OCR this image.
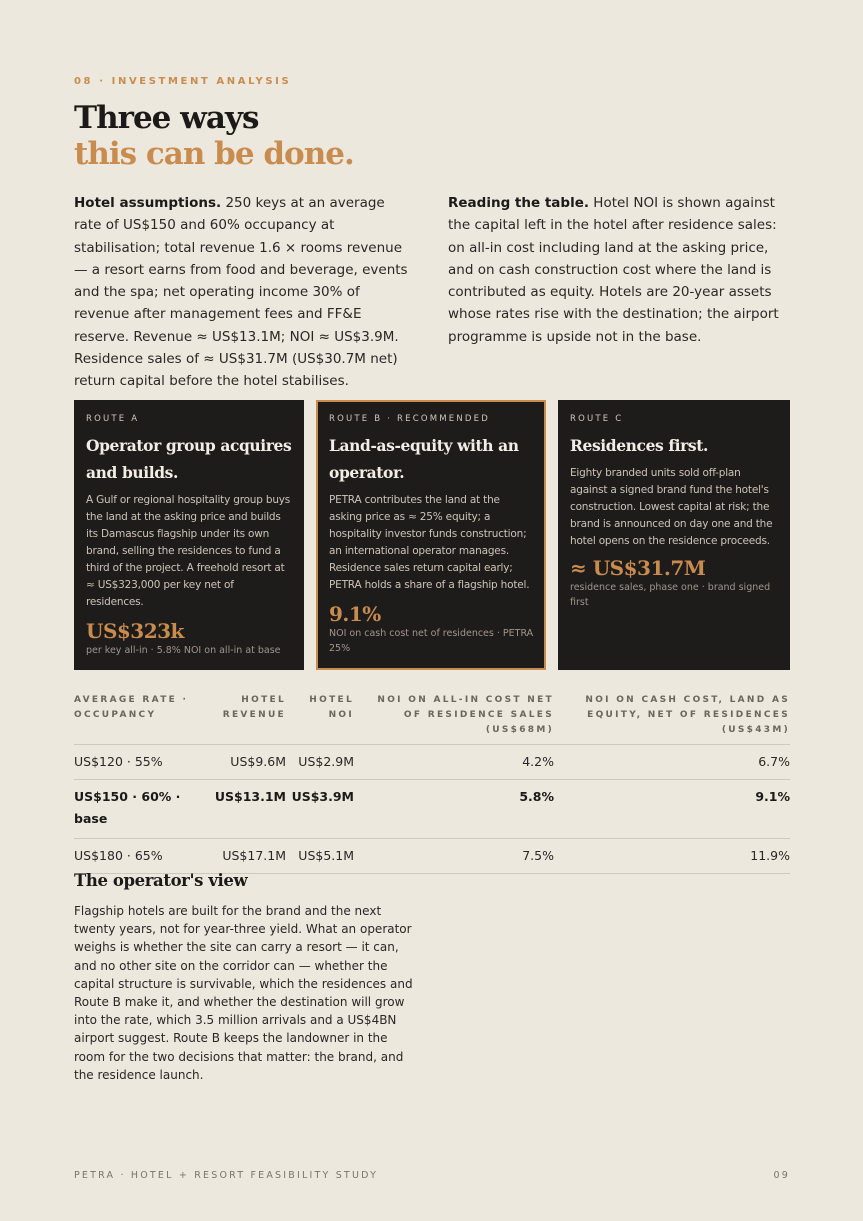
08 · INVESTMENT ANALYSIS
Three ways
this can be done.

Hotel assumptions. 250 keys at an average rate of US$150 and 60% occupancy at stabilisation; total revenue 1.6 × rooms revenue — a resort earns from food and beverage, events and the spa; net operating income 30% of revenue after management fees and FF&E reserve. Revenue ≈ US$13.1M; NOI ≈ US$3.9M. Residence sales of ≈ US$31.7M (US$30.7M net) return capital before the hotel stabilises.

Reading the table. Hotel NOI is shown against the capital left in the hotel after residence sales: on all-in cost including land at the asking price, and on cash construction cost where the land is contributed as equity. Hotels are 20-year assets whose rates rise with the destination; the airport programme is upside not in the base.

ROUTE A
Operator group acquires and builds.
A Gulf or regional hospitality group buys the land at the asking price and builds its Damascus flagship under its own brand, selling the residences to fund a third of the project. A freehold resort at ≈ US$323,000 per key net of residences.
US$323k
per key all-in · 5.8% NOI on all-in at base
ROUTE B · RECOMMENDED
Land-as-equity with an operator.
PETRA contributes the land at the asking price as ≈ 25% equity; a hospitality investor funds construction; an international operator manages. Residence sales return capital early; PETRA holds a share of a flagship hotel.
9.1%
NOI on cash cost net of residences · PETRA 25%
ROUTE C
Residences first.
Eighty branded units sold off-plan against a signed brand fund the hotel's construction. Lowest capital at risk; the brand is announced on day one and the hotel opens on the residence proceeds.
≈ US$31.7M
residence sales, phase one · brand signed first
AVERAGE RATE · OCCUPANCY	HOTEL REVENUE	HOTEL NOI	NOI ON ALL-IN COST NET OF RESIDENCE SALES (US$68M)	NOI ON CASH COST, LAND AS EQUITY, NET OF RESIDENCES (US$43M)
US$120 · 55%	US$9.6M	US$2.9M	4.2%	6.7%
US$150 · 60% · base	US$13.1M	US$3.9M	5.8%	9.1%
US$180 · 65%	US$17.1M	US$5.1M	7.5%	11.9%
The operator's view

Flagship hotels are built for the brand and the next twenty years, not for year-three yield. What an operator weighs is whether the site can carry a resort — it can, and no other site on the corridor can — whether the capital structure is survivable, which the residences and Route B make it, and whether the destination will grow into the rate, which 3.5 million arrivals and a US$4BN airport suggest. Route B keeps the landowner in the room for the two decisions that matter: the brand, and the residence launch.

PETRA · HOTEL + RESORT FEASIBILITY STUDY	09
